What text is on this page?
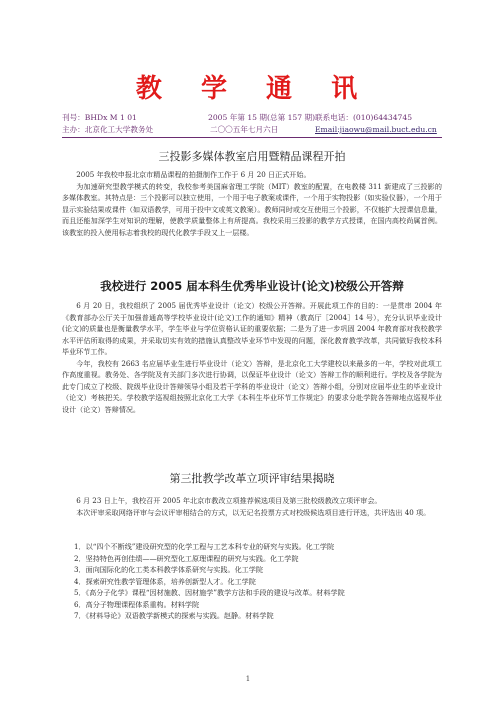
教 学 通 讯
刊号：BHDx M 1 01	2005 年第 15 期(总第 157 期) 联系电话：(010)64434745
主办：北京化工大学教务处	二〇〇五年七月六日	Email:jiaowu@mail.buct.edu.cn
三投影多媒体教室启用暨精品课程开拍

2005 年我校申报北京市精品课程的拍摄制作工作于 6 月 20 日正式开始。

为加速研究型教学模式的转变，我校参考美国麻省理工学院（MIT）教室的配置，在电教楼 311 新建成了三投影的多媒体教室。其特点是：三个投影可以独立使用，一个用于电子教案或课件，一个用于实物投影（如实验仪器），一个用于显示实验结果或课件（如双语教学，可用于投中文或英文教案）。教师同时或交互使用三个投影，不仅能扩大授课信息量，而且还能加深学生对知识的理解，使教学质量整体上有所提高。我校采用三投影的教学方式授课，在国内高校尚属首例。该教室的投入使用标志着我校的现代化教学手段又上一层楼。

我校进行 2005 届本科生优秀毕业设计(论文)校级公开答辩

6 月 20 日，我校组织了 2005 届优秀毕业设计（论文）校级公开答辩。开展此项工作的目的：一是贯串 2004 年《教育部办公厅关于加强普通高等学校毕业设计(论文)工作的通知》精神（教高厅［2004］14 号），充分认识毕业设计(论文)的质量也是衡量教学水平，学生毕业与学位资格认证的重要依据；二是为了进一步巩固 2004 年教育部对我校教学水平评估所取得的成果，并采取切实有效的措施认真整改毕业环节中发现的问题，深化教育教学改革，共同做好我校本科毕业环节工作。

今年，我校有 2663 名应届毕业生进行毕业设计（论文）答辩，是北京化工大学建校以来最多的一年，学校对此项工作高度重视。教务处、各学院及有关部门多次进行协调，以保证毕业设计（论文）答辩工作的顺利进行。学校及各学院为此专门成立了校级、院级毕业设计答辩领导小组及若干学科的毕业设计（论文）答辩小组，分别对应届毕业生的毕业设计（论文）考核把关。学校教学巡视组按照北京化工大学《本科生毕业环节工作规定》的要求分赴学院各答辩地点巡视毕业设计（论文）答辩情况。

第三批教学改革立项评审结果揭晓

6 月 23 日上午，我校召开 2005 年北京市教改立项推荐候选项目及第三批校级教改立项评审会。

本次评审采取网络评审与会议评审相结合的方式，以无记名投票方式对校级候选项目进行评选，共评选出 40 项。

1．以“四个不断线”建设研究型的化学工程与工艺本科专业的研究与实践。化工学院
2．坚持特色再创佳绩——研究型化工原理课程的研究与实践。化工学院
3．面向国际化的化工类本科教学体系研究与实践。化工学院
4．探索研究性教学管理体系，培养创新型人才。化工学院
5．《高分子化学》课程“因材施教、因材施学”教学方法和手段的建设与改革。材料学院
6．高分子物理课程体系重构。材料学院
7．《材料导论》双语教学新模式的探索与实践。赵静。材料学院
1
